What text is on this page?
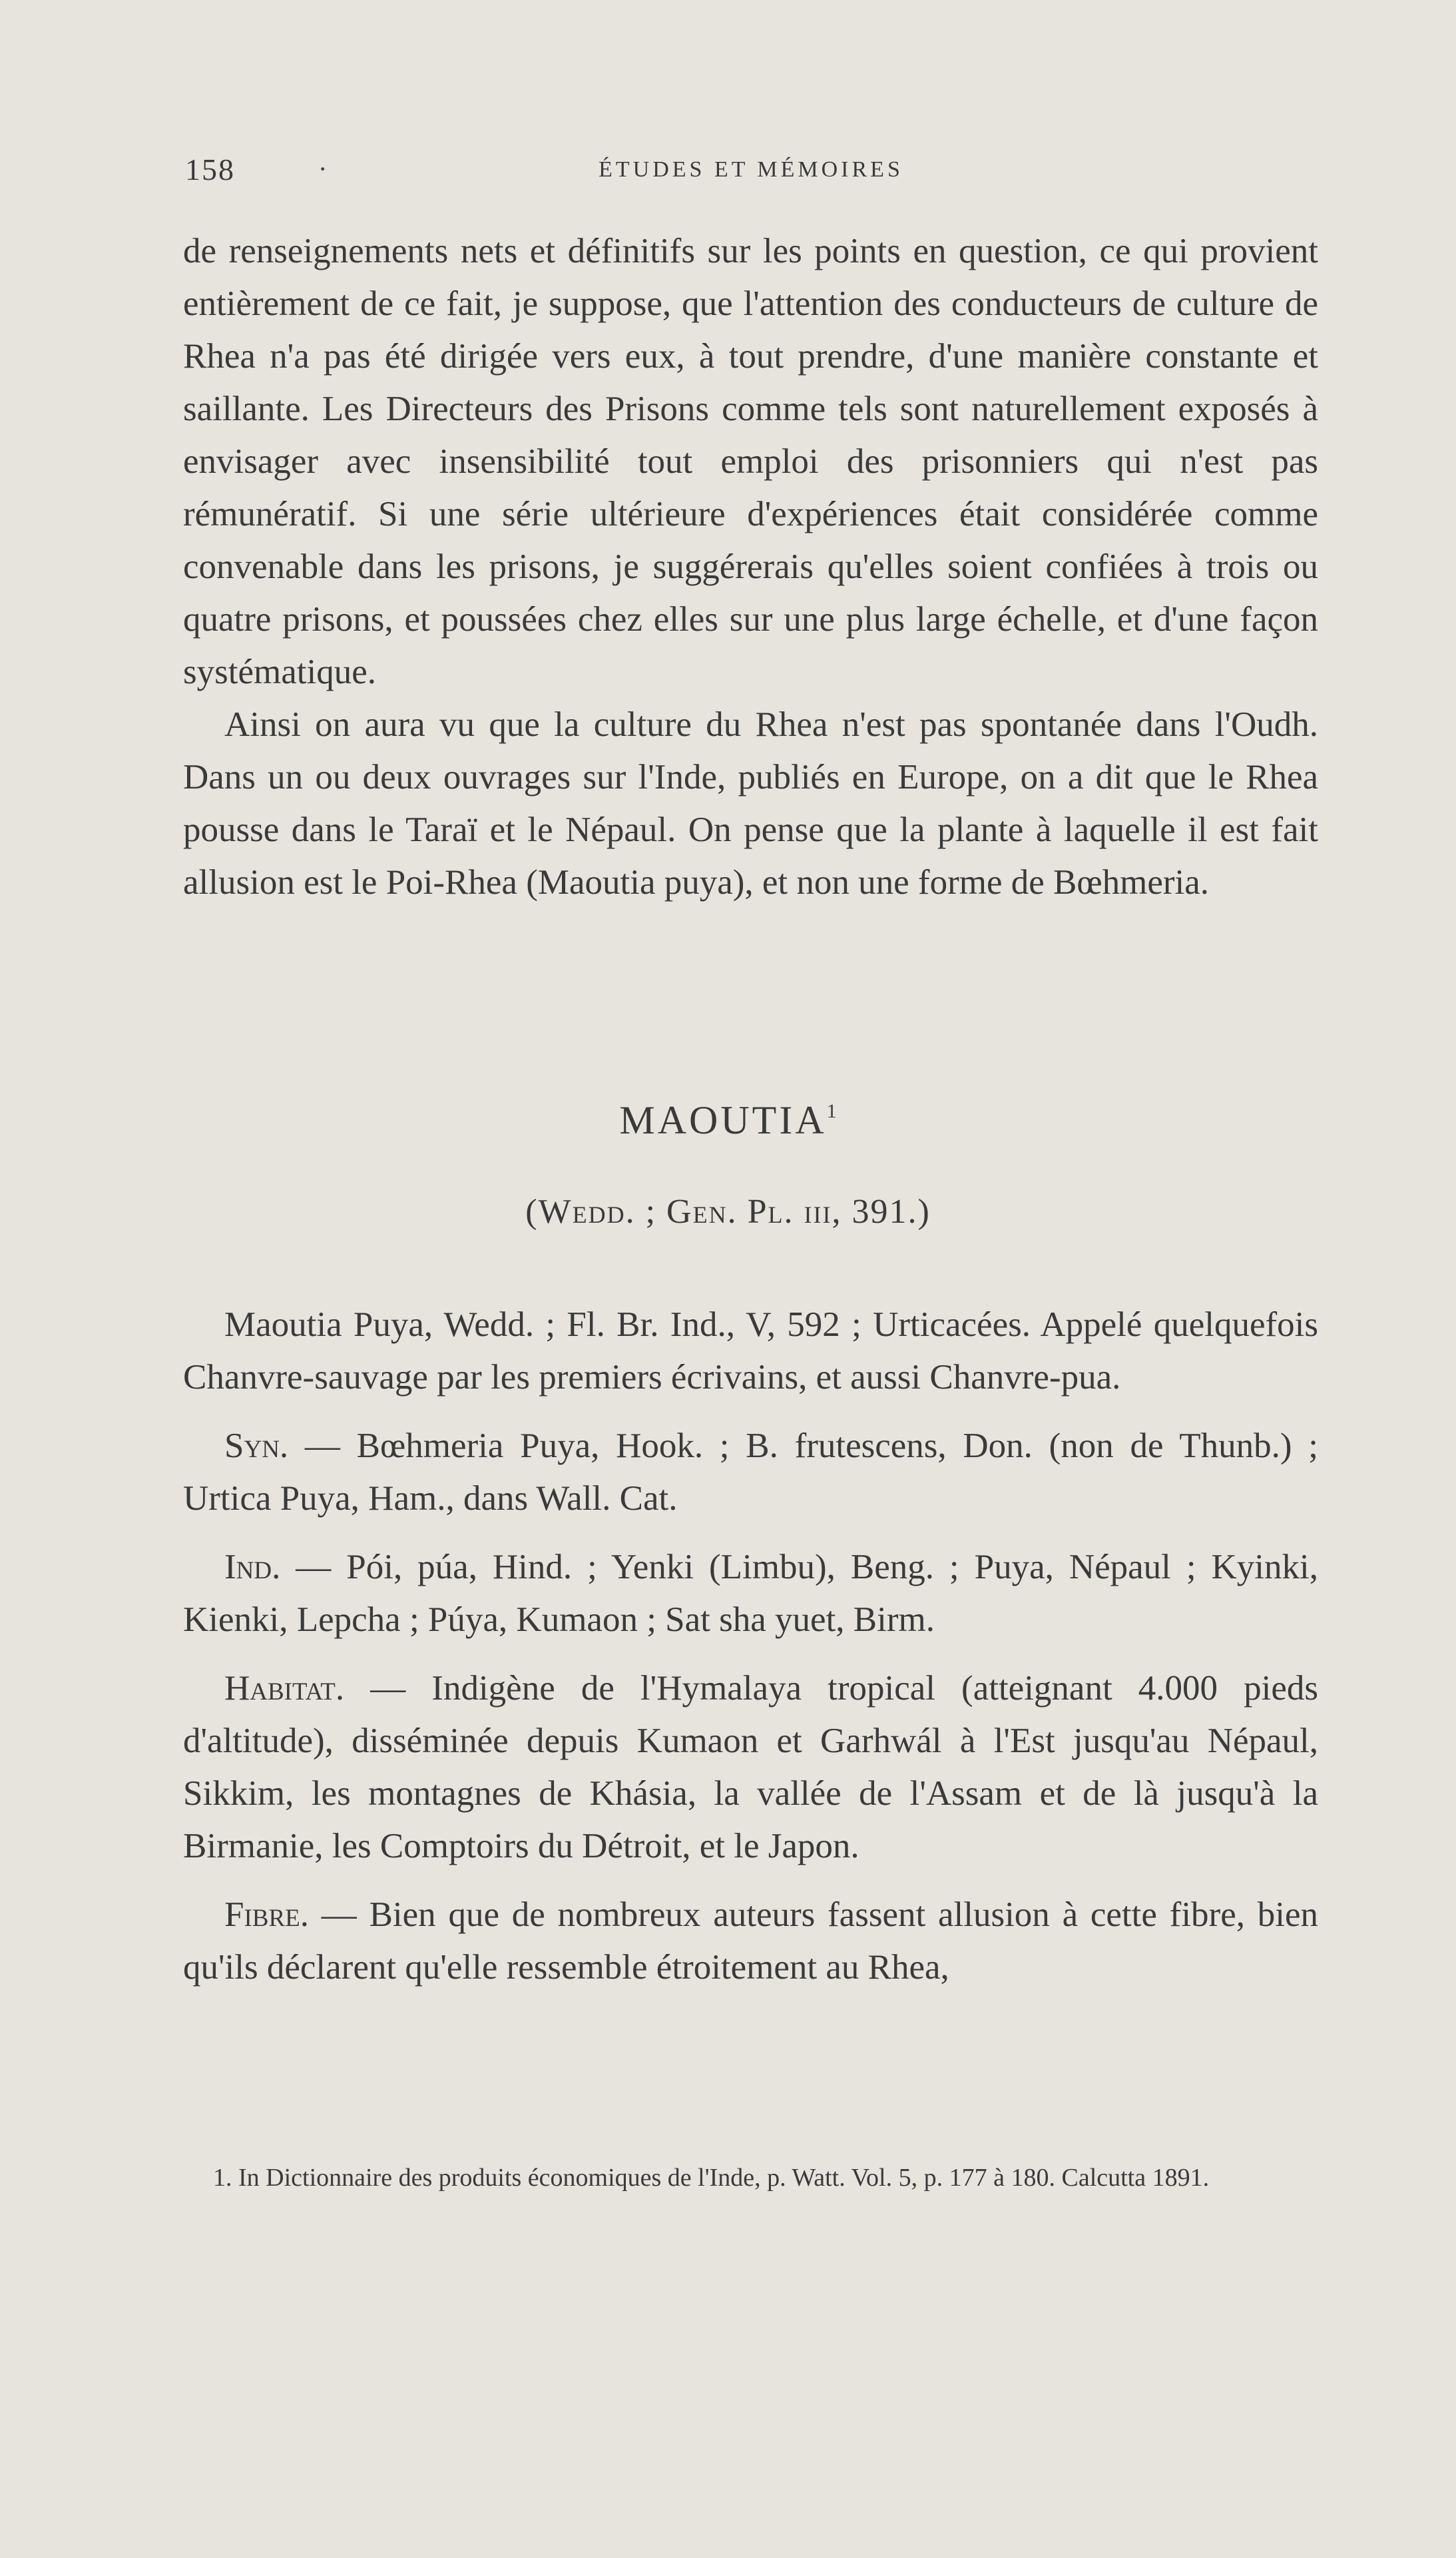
158	·	ÉTUDES ET MÉMOIRES

de renseignements nets et définitifs sur les points en question, ce qui provient entièrement de ce fait, je suppose, que l'attention des conducteurs de culture de Rhea n'a pas été dirigée vers eux, à tout prendre, d'une manière constante et saillante. Les Directeurs des Prisons comme tels sont naturellement exposés à envisager avec insensibilité tout emploi des prisonniers qui n'est pas rémunératif. Si une série ultérieure d'expériences était considérée comme convenable dans les prisons, je suggérerais qu'elles soient confiées à trois ou quatre prisons, et poussées chez elles sur une plus large échelle, et d'une façon systématique.

Ainsi on aura vu que la culture du Rhea n'est pas spontanée dans l'Oudh. Dans un ou deux ouvrages sur l'Inde, publiés en Europe, on a dit que le Rhea pousse dans le Taraï et le Népaul. On pense que la plante à laquelle il est fait allusion est le Poi-Rhea (Maoutia puya), et non une forme de Bœhmeria.

MAOUTIA$^1$
(Wedd. ; Gen. Pl. iii, 391.)

Maoutia Puya, Wedd. ; Fl. Br. Ind., V, 592 ; Urticacées. Appelé quelquefois Chanvre-sauvage par les premiers écrivains, et aussi Chanvre-pua.

Syn. — Bœhmeria Puya, Hook. ; B. frutescens, Don. (non de Thunb.) ; Urtica Puya, Ham., dans Wall. Cat.

Ind. — Pói, púa, Hind. ; Yenki (Limbu), Beng. ; Puya, Népaul ; Kyinki, Kienki, Lepcha ; Púya, Kumaon ; Sat sha yuet, Birm.

Habitat. — Indigène de l'Hymalaya tropical (atteignant 4.000 pieds d'altitude), disséminée depuis Kumaon et Garhwál à l'Est jusqu'au Népaul, Sikkim, les montagnes de Khásia, la vallée de l'Assam et de là jusqu'à la Birmanie, les Comptoirs du Détroit, et le Japon.

Fibre. — Bien que de nombreux auteurs fassent allusion à cette fibre, bien qu'ils déclarent qu'elle ressemble étroitement au Rhea,

1. In Dictionnaire des produits économiques de l'Inde, p. Watt. Vol. 5, p. 177 à 180. Calcutta 1891.
